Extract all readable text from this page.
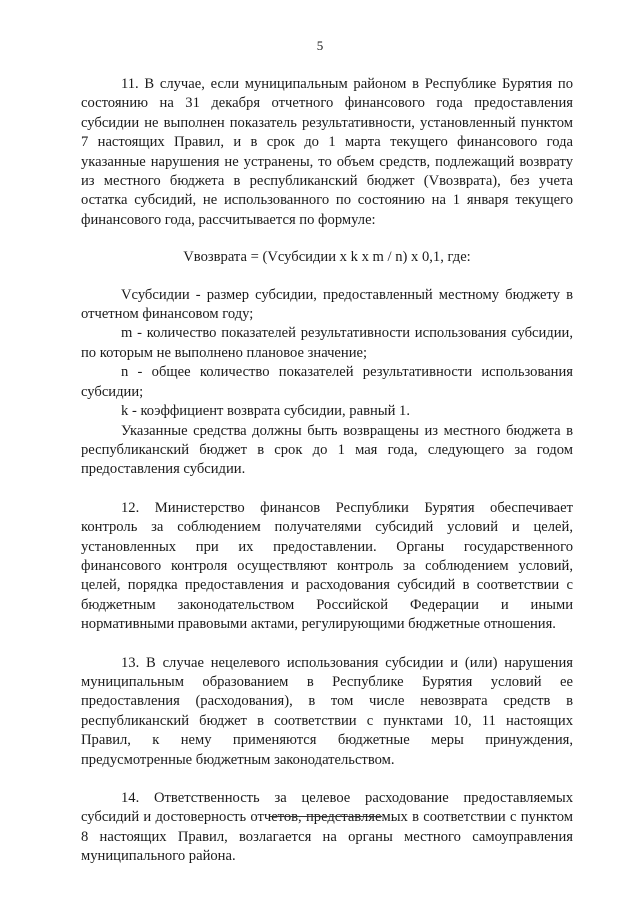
5

11. В случае, если муниципальным районом в Республике Бурятия по состоянию на 31 декабря отчетного финансового года предоставления субсидии не выполнен показатель результативности, установленный пунктом 7 настоящих Правил, и в срок до 1 марта текущего финансового года указанные нарушения не устранены, то объем средств, подлежащий возврату из местного бюджета в республиканский бюджет (Vвозврата), без учета остатка субсидий, не использованного по состоянию на 1 января текущего финансового года, рассчитывается по формуле:

Vвозврата = (Vсубсидии x k x m / n) x 0,1, где:

Vсубсидии - размер субсидии, предоставленный местному бюджету в отчетном финансовом году;

m - количество показателей результативности использования субсидии, по которым не выполнено плановое значение;

n - общее количество показателей результативности использования субсидии;

k - коэффициент возврата субсидии, равный 1.

Указанные средства должны быть возвращены из местного бюджета в республиканский бюджет в срок до 1 мая года, следующего за годом предоставления субсидии.

12. Министерство финансов Республики Бурятия обеспечивает контроль за соблюдением получателями субсидий условий и целей, установленных при их предоставлении. Органы государственного финансового контроля осуществляют контроль за соблюдением условий, целей, порядка предоставления и расходования субсидий в соответствии с бюджетным законодательством Российской Федерации и иными нормативными правовыми актами, регулирующими бюджетные отношения.

13. В случае нецелевого использования субсидии и (или) нарушения муниципальным образованием в Республике Бурятия условий ее предоставления (расходования), в том числе невозврата средств в республиканский бюджет в соответствии с пунктами 10, 11 настоящих Правил, к нему применяются бюджетные меры принуждения, предусмотренные бюджетным законодательством.

14. Ответственность за целевое расходование предоставляемых субсидий и достоверность отчетов, представляемых в соответствии с пунктом 8 настоящих Правил, возлагается на органы местного самоуправления муниципального района.
